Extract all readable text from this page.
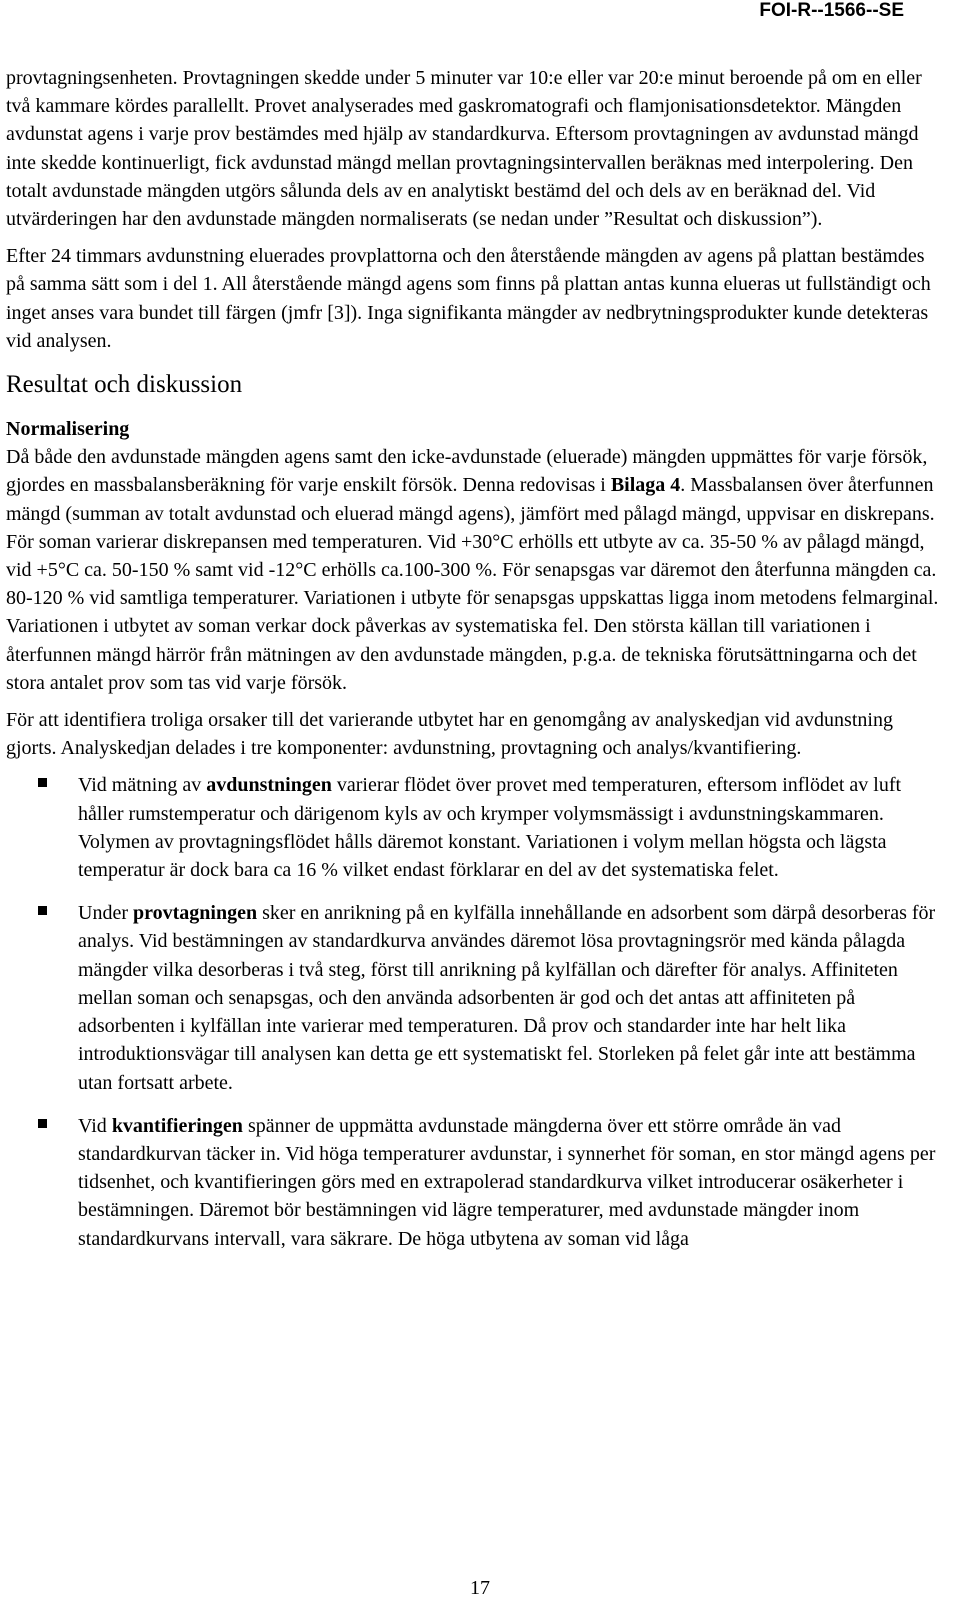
FOI-R--1566--SE

provtagningsenheten. Provtagningen skedde under 5 minuter var 10:e eller var 20:e minut beroende på om en eller två kammare kördes parallellt. Provet analyserades med gaskromatografi och flamjonisationsdetektor. Mängden avdunstat agens i varje prov bestämdes med hjälp av standardkurva. Eftersom provtagningen av avdunstad mängd inte skedde kontinuerligt, fick avdunstad mängd mellan provtagningsintervallen beräknas med interpolering. Den totalt avdunstade mängden utgörs sålunda dels av en analytiskt bestämd del och dels av en beräknad del. Vid utvärderingen har den avdunstade mängden normaliserats (se nedan under ”Resultat och diskussion”).

Efter 24 timmars avdunstning eluerades provplattorna och den återstående mängden av agens på plattan bestämdes på samma sätt som i del 1. All återstående mängd agens som finns på plattan antas kunna elueras ut fullständigt och inget anses vara bundet till färgen (jmfr [3]). Inga signifikanta mängder av nedbrytningsprodukter kunde detekteras vid analysen.

Resultat och diskussion
Normalisering

Då både den avdunstade mängden agens samt den icke-avdunstade (eluerade) mängden uppmättes för varje försök, gjordes en massbalansberäkning för varje enskilt försök. Denna redovisas i Bilaga 4. Massbalansen över återfunnen mängd (summan av totalt avdunstad och eluerad mängd agens), jämfört med pålagd mängd, uppvisar en diskrepans. För soman varierar diskrepansen med temperaturen. Vid +30°C erhölls ett utbyte av ca. 35-50 % av pålagd mängd, vid +5°C ca. 50-150 % samt vid -12°C erhölls ca.100-300 %. För senapsgas var däremot den återfunna mängden ca. 80-120 % vid samtliga temperaturer. Variationen i utbyte för senapsgas uppskattas ligga inom metodens felmarginal. Variationen i utbytet av soman verkar dock påverkas av systematiska fel. Den största källan till variationen i återfunnen mängd härrör från mätningen av den avdunstade mängden, p.g.a. de tekniska förutsättningarna och det stora antalet prov som tas vid varje försök.

För att identifiera troliga orsaker till det varierande utbytet har en genomgång av analyskedjan vid avdunstning gjorts. Analyskedjan delades i tre komponenter: avdunstning, provtagning och analys/kvantifiering.

Vid mätning av avdunstningen varierar flödet över provet med temperaturen, eftersom inflödet av luft håller rumstemperatur och därigenom kyls av och krymper volymsmässigt i avdunstningskammaren. Volymen av provtagningsflödet hålls däremot konstant. Variationen i volym mellan högsta och lägsta temperatur är dock bara ca 16 % vilket endast förklarar en del av det systematiska felet.
Under provtagningen sker en anrikning på en kylfälla innehållande en adsorbent som därpå desorberas för analys. Vid bestämningen av standardkurva användes däremot lösa provtagningsrör med kända pålagda mängder vilka desorberas i två steg, först till anrikning på kylfällan och därefter för analys. Affiniteten mellan soman och senapsgas, och den använda adsorbenten är god och det antas att affiniteten på adsorbenten i kylfällan inte varierar med temperaturen. Då prov och standarder inte har helt lika introduktionsvägar till analysen kan detta ge ett systematiskt fel. Storleken på felet går inte att bestämma utan fortsatt arbete.
Vid kvantifieringen spänner de uppmätta avdunstade mängderna över ett större område än vad standardkurvan täcker in. Vid höga temperaturer avdunstar, i synnerhet för soman, en stor mängd agens per tidsenhet, och kvantifieringen görs med en extrapolerad standardkurva vilket introducerar osäkerheter i bestämningen. Däremot bör bestämningen vid lägre temperaturer, med avdunstade mängder inom standardkurvans intervall, vara säkrare. De höga utbytena av soman vid låga
17
